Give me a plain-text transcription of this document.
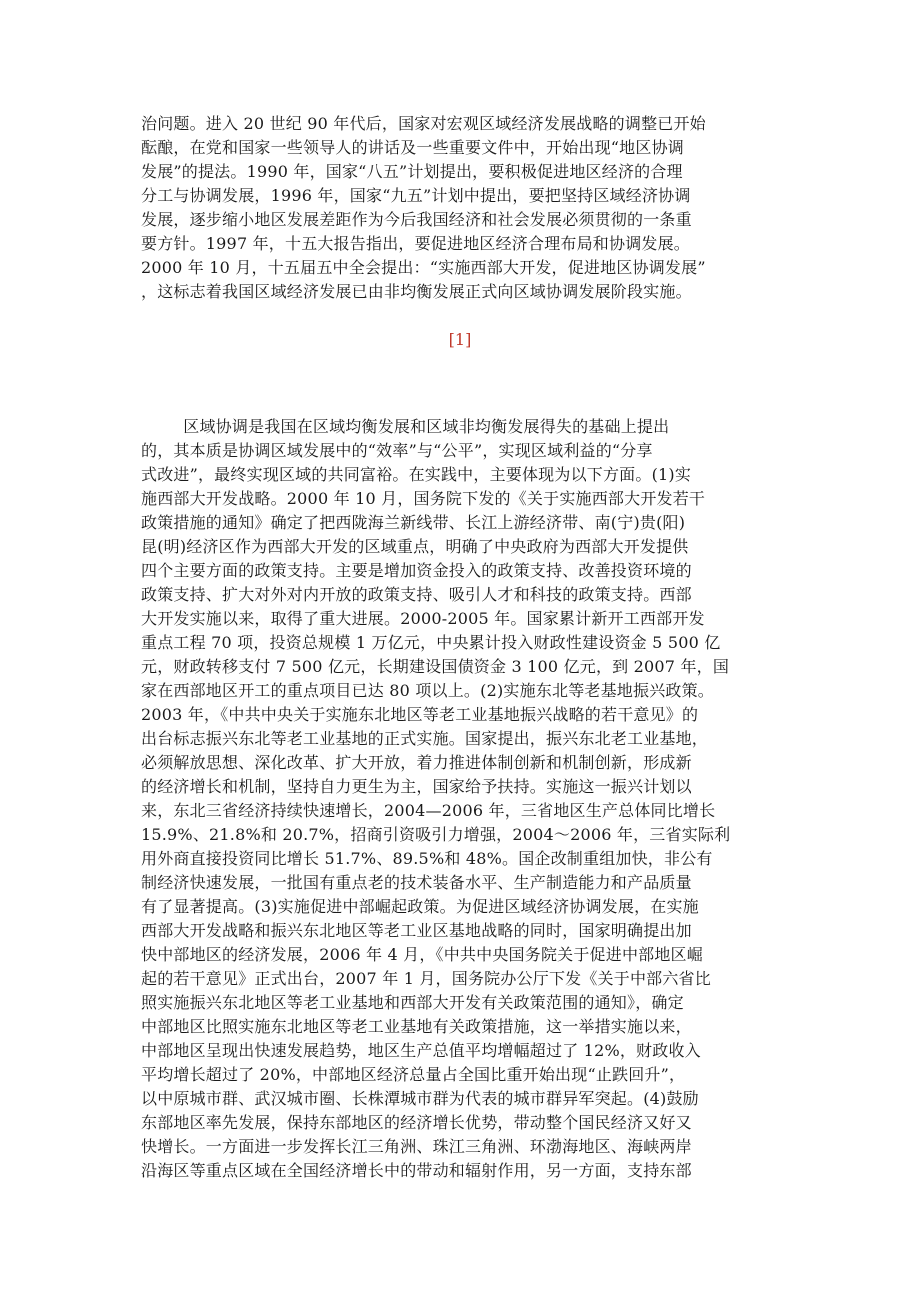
治问题。进入 20 世纪 90 年代后，国家对宏观区域经济发展战略的调整已开始
酝酿，在党和国家一些领导人的讲话及一些重要文件中，开始出现“地区协调
发展”的提法。1990 年，国家“八五”计划提出，要积极促进地区经济的合理
分工与协调发展，1996 年，国家“九五”计划中提出，要把坚持区域经济协调
发展，逐步缩小地区发展差距作为今后我国经济和社会发展必须贯彻的一条重
要方针。1997 年，十五大报告指出，要促进地区经济合理布局和协调发展。
2000 年 10 月，十五届五中全会提出：“实施西部大开发，促进地区协调发展”
，这标志着我国区域经济发展已由非均衡发展正式向区域协调发展阶段实施。

[1]

区域协调是我国在区域均衡发展和区域非均衡发展得失的基础上提出
的，其本质是协调区域发展中的“效率”与“公平”，实现区域利益的“分享
式改进”，最终实现区域的共同富裕。在实践中，主要体现为以下方面。(1)实
施西部大开发战略。2000 年 10 月，国务院下发的《关于实施西部大开发若干
政策措施的通知》确定了把西陇海兰新线带、长江上游经济带、南(宁)贵(阳)
昆(明)经济区作为西部大开发的区域重点，明确了中央政府为西部大开发提供
四个主要方面的政策支持。主要是增加资金投入的政策支持、改善投资环境的
政策支持、扩大对外对内开放的政策支持、吸引人才和科技的政策支持。西部
大开发实施以来，取得了重大进展。2000-2005 年。国家累计新开工西部开发
重点工程 70 项，投资总规模 1 万亿元，中央累计投入财政性建设资金 5 500 亿
元，财政转移支付 7 500 亿元，长期建设国债资金 3 100 亿元，到 2007 年，国
家在西部地区开工的重点项目已达 80 项以上。(2)实施东北等老基地振兴政策。
2003 年，《中共中央关于实施东北地区等老工业基地振兴战略的若干意见》的
出台标志振兴东北等老工业基地的正式实施。国家提出，振兴东北老工业基地，
必须解放思想、深化改革、扩大开放，着力推进体制创新和机制创新，形成新
的经济增长和机制，坚持自力更生为主，国家给予扶持。实施这一振兴计划以
来，东北三省经济持续快速增长，2004—2006 年，三省地区生产总体同比增长
15.9%、21.8%和 20.7%，招商引资吸引力增强，2004～2006 年，三省实际利
用外商直接投资同比增长 51.7%、89.5%和 48%。国企改制重组加快，非公有
制经济快速发展，一批国有重点老的技术装备水平、生产制造能力和产品质量
有了显著提高。(3)实施促进中部崛起政策。为促进区域经济协调发展，在实施
西部大开发战略和振兴东北地区等老工业区基地战略的同时，国家明确提出加
快中部地区的经济发展，2006 年 4 月，《中共中央国务院关于促进中部地区崛
起的若干意见》正式出台，2007 年 1 月，国务院办公厅下发《关于中部六省比
照实施振兴东北地区等老工业基地和西部大开发有关政策范围的通知》，确定
中部地区比照实施东北地区等老工业基地有关政策措施，这一举措实施以来，
中部地区呈现出快速发展趋势，地区生产总值平均增幅超过了 12%，财政收入
平均增长超过了 20%，中部地区经济总量占全国比重开始出现“止跌回升”，
以中原城市群、武汉城市圈、长株潭城市群为代表的城市群异军突起。(4)鼓励
东部地区率先发展，保持东部地区的经济增长优势，带动整个国民经济又好又
快增长。一方面进一步发挥长江三角洲、珠江三角洲、环渤海地区、海峡两岸
沿海区等重点区域在全国经济增长中的带动和辐射作用，另一方面，支持东部
